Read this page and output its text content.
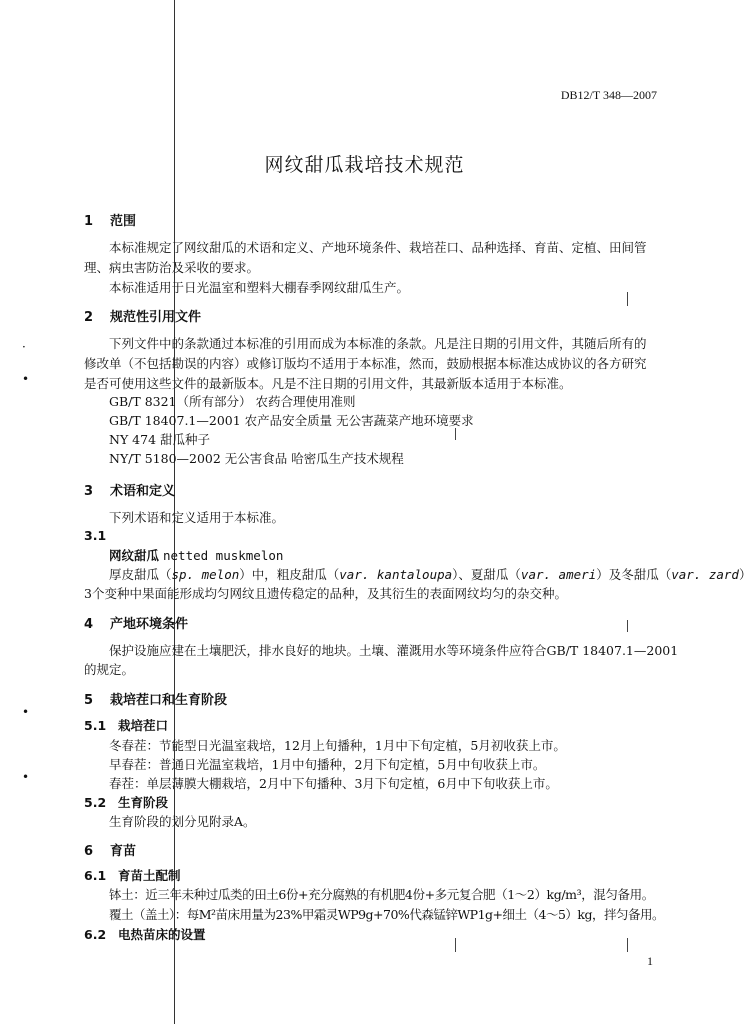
·
•
•
•
DB12/T 348—2007
网纹甜瓜栽培技术规范
1 范围
本标准规定了网纹甜瓜的术语和定义、产地环境条件、栽培茬口、品种选择、育苗、定植、田间管
理、病虫害防治及采收的要求。
本标准适用于日光温室和塑料大棚春季网纹甜瓜生产。
2 规范性引用文件
下列文件中的条款通过本标准的引用而成为本标准的条款。凡是注日期的引用文件，其随后所有的
修改单（不包括勘误的内容）或修订版均不适用于本标准，然而，鼓励根据本标准达成协议的各方研究
是否可使用这些文件的最新版本。凡是不注日期的引用文件，其最新版本适用于本标准。
GB/T 8321（所有部分） 农药合理使用准则
GB/T 18407.1—2001 农产品安全质量 无公害蔬菜产地环境要求
NY 474 甜瓜种子
NY/T 5180—2002 无公害食品 哈密瓜生产技术规程
3 术语和定义
下列术语和定义适用于本标准。
3.1
网纹甜瓜 netted muskmelon
厚皮甜瓜（sp. melon）中，粗皮甜瓜（var. kantaloupa）、夏甜瓜（var. ameri）及冬甜瓜（var. zard）
3个变种中果面能形成均匀网纹且遗传稳定的品种，及其衍生的表面网纹均匀的杂交种。
4 产地环境条件
保护设施应建在土壤肥沃，排水良好的地块。土壤、灌溉用水等环境条件应符合GB/T 18407.1—2001
的规定。
5 栽培茬口和生育阶段
5.1 栽培茬口
冬春茬：节能型日光温室栽培，12月上旬播种，1月中下旬定植，5月初收获上市。
早春茬：普通日光温室栽培，1月中旬播种，2月下旬定植，5月中旬收获上市。
春茬：单层薄膜大棚栽培，2月中下旬播种、3月下旬定植，6月中下旬收获上市。
5.2 生育阶段
生育阶段的划分见附录A。
6 育苗
6.1 育苗土配制
钵土：近三年未种过瓜类的田土6份+充分腐熟的有机肥4份+多元复合肥（1～2）kg/m³，混匀备用。
覆土（盖土）：每M²苗床用量为23%甲霜灵WP9g+70%代森锰锌WP1g+细土（4～5）kg，拌匀备用。
6.2 电热苗床的设置
1
